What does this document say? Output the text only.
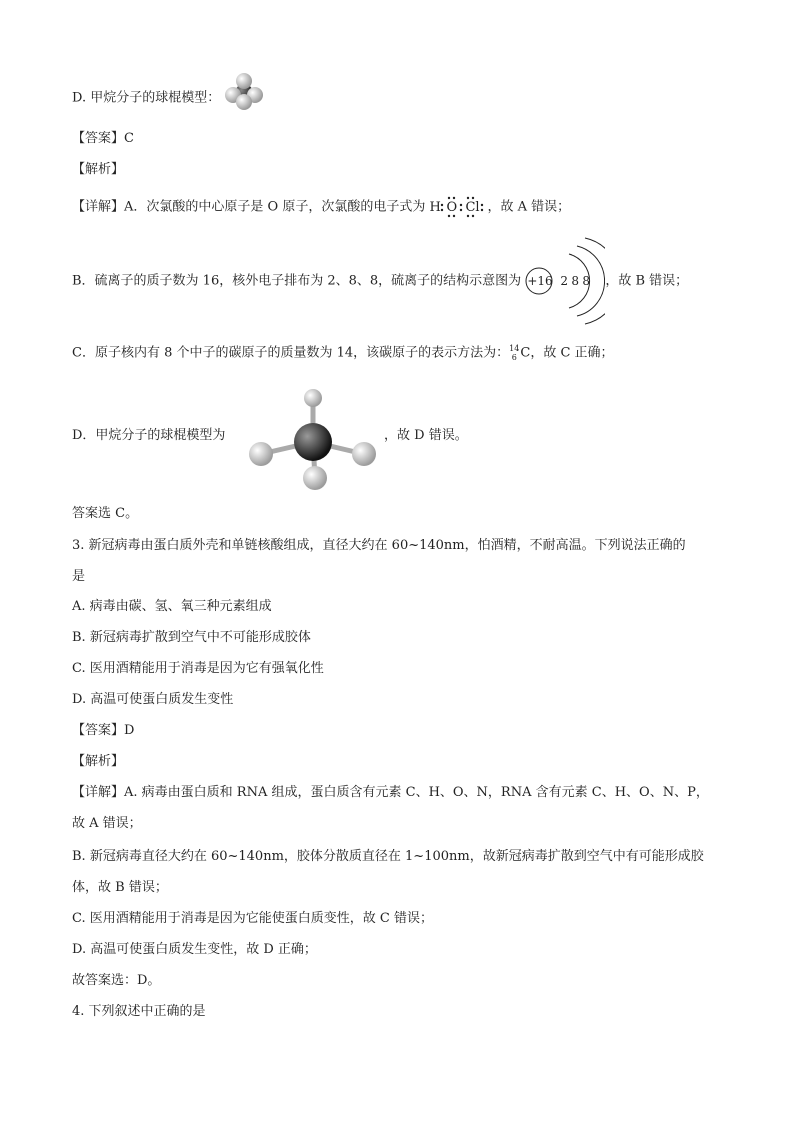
D. 甲烷分子的球棍模型：
【答案】C
【解析】
【详解】A．次氯酸的中心原子是 O 原子，次氯酸的电子式为 H O Cl ，故 A 错误；
B．硫离子的质子数为 16，核外电子排布为 2、8、8，硫离子的结构示意图为 +16 2 8 8 ，故 B 错误；
C．原子核内有 8 个中子的碳原子的质量数为 14，该碳原子的表示方法为： 14
6 C，故 C 正确；
D．甲烷分子的球棍模型为	，故 D 错误。
答案选 C。
3. 新冠病毒由蛋白质外壳和单链核酸组成，直径大约在 60~140nm，怕酒精，不耐高温。下列说法正确的
是
A. 病毒由碳、氢、氧三种元素组成
B. 新冠病毒扩散到空气中不可能形成胶体
C. 医用酒精能用于消毒是因为它有强氧化性
D. 高温可使蛋白质发生变性
【答案】D
【解析】
【详解】A. 病毒由蛋白质和 RNA 组成，蛋白质含有元素 C、H、O、N，RNA 含有元素 C、H、O、N、P，
故 A 错误；
B. 新冠病毒直径大约在 60~140nm，胶体分散质直径在 1~100nm，故新冠病毒扩散到空气中有可能形成胶
体，故 B 错误；
C. 医用酒精能用于消毒是因为它能使蛋白质变性，故 C 错误；
D. 高温可使蛋白质发生变性，故 D 正确；
故答案选：D。
4. 下列叙述中正确的是
